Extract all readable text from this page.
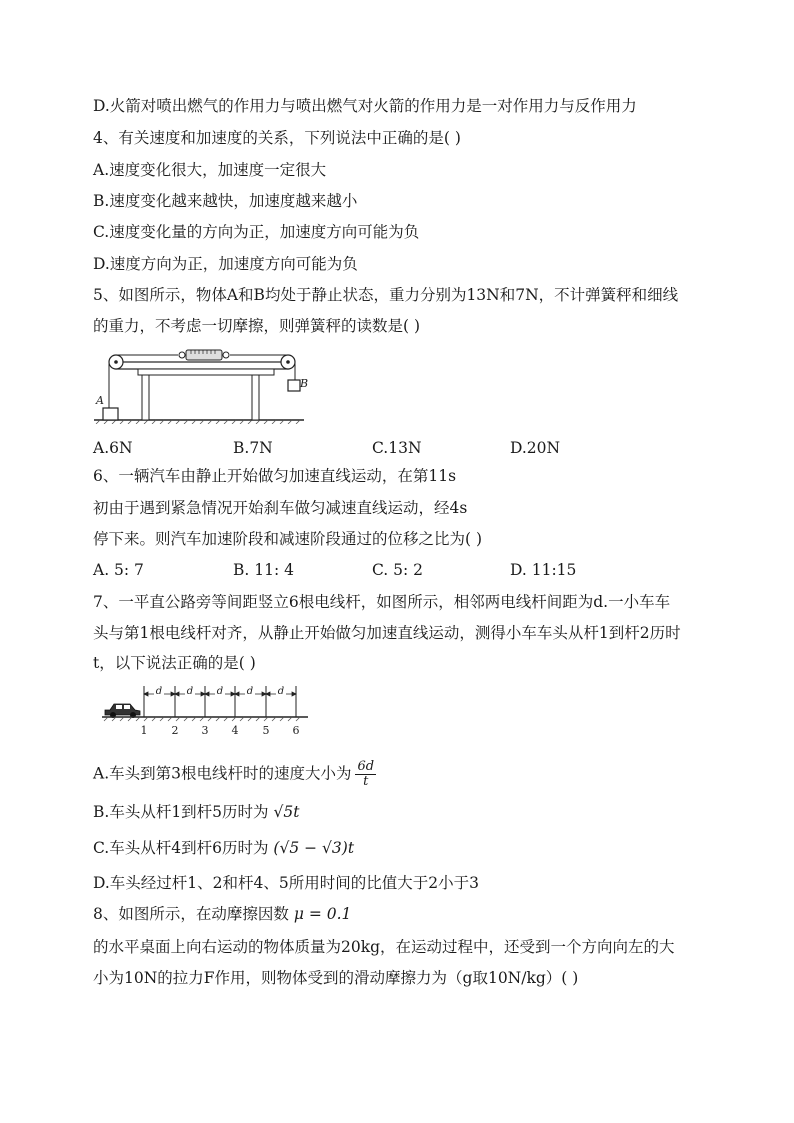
D.火箭对喷出燃气的作用力与喷出燃气对火箭的作用力是一对作用力与反作用力
4、有关速度和加速度的关系，下列说法中正确的是( )
A.速度变化很大，加速度一定很大
B.速度变化越来越快，加速度越来越小
C.速度变化量的方向为正，加速度方向可能为负
D.速度方向为正，加速度方向可能为负
5、如图所示，物体A和B均处于静止状态，重力分别为13N和7N，不计弹簧秤和细线
的重力，不考虑一切摩擦，则弹簧秤的读数是( )
A
B
A.6N	B.7N	C.13N	D.20N
6、一辆汽车由静止开始做匀加速直线运动，在第11s
初由于遇到紧急情况开始刹车做匀减速直线运动，经4s
停下来。则汽车加速阶段和减速阶段通过的位移之比为( )
A. 5: 7	B. 11: 4	C. 5: 2	D. 11:15
7、一平直公路旁等间距竖立6根电线杆，如图所示，相邻两电线杆间距为d.一小车车
头与第1根电线杆对齐，从静止开始做匀加速直线运动，测得小车车头从杆1到杆2历时
t，以下说法正确的是( )
d d d d d
1 2 3 4 5 6
A.车头到第3根电线杆时的速度大小为 $\frac{6d}{t}$
B.车头从杆1到杆5历时为 √5t
C.车头从杆4到杆6历时为 (√5 − √3)t
D.车头经过杆1、2和杆4、5所用时间的比值大于2小于3
8、如图所示，在动摩擦因数 μ = 0.1
的水平桌面上向右运动的物体质量为20kg，在运动过程中，还受到一个方向向左的大
小为10N的拉力F作用，则物体受到的滑动摩擦力为（g取10N/kg）( )
